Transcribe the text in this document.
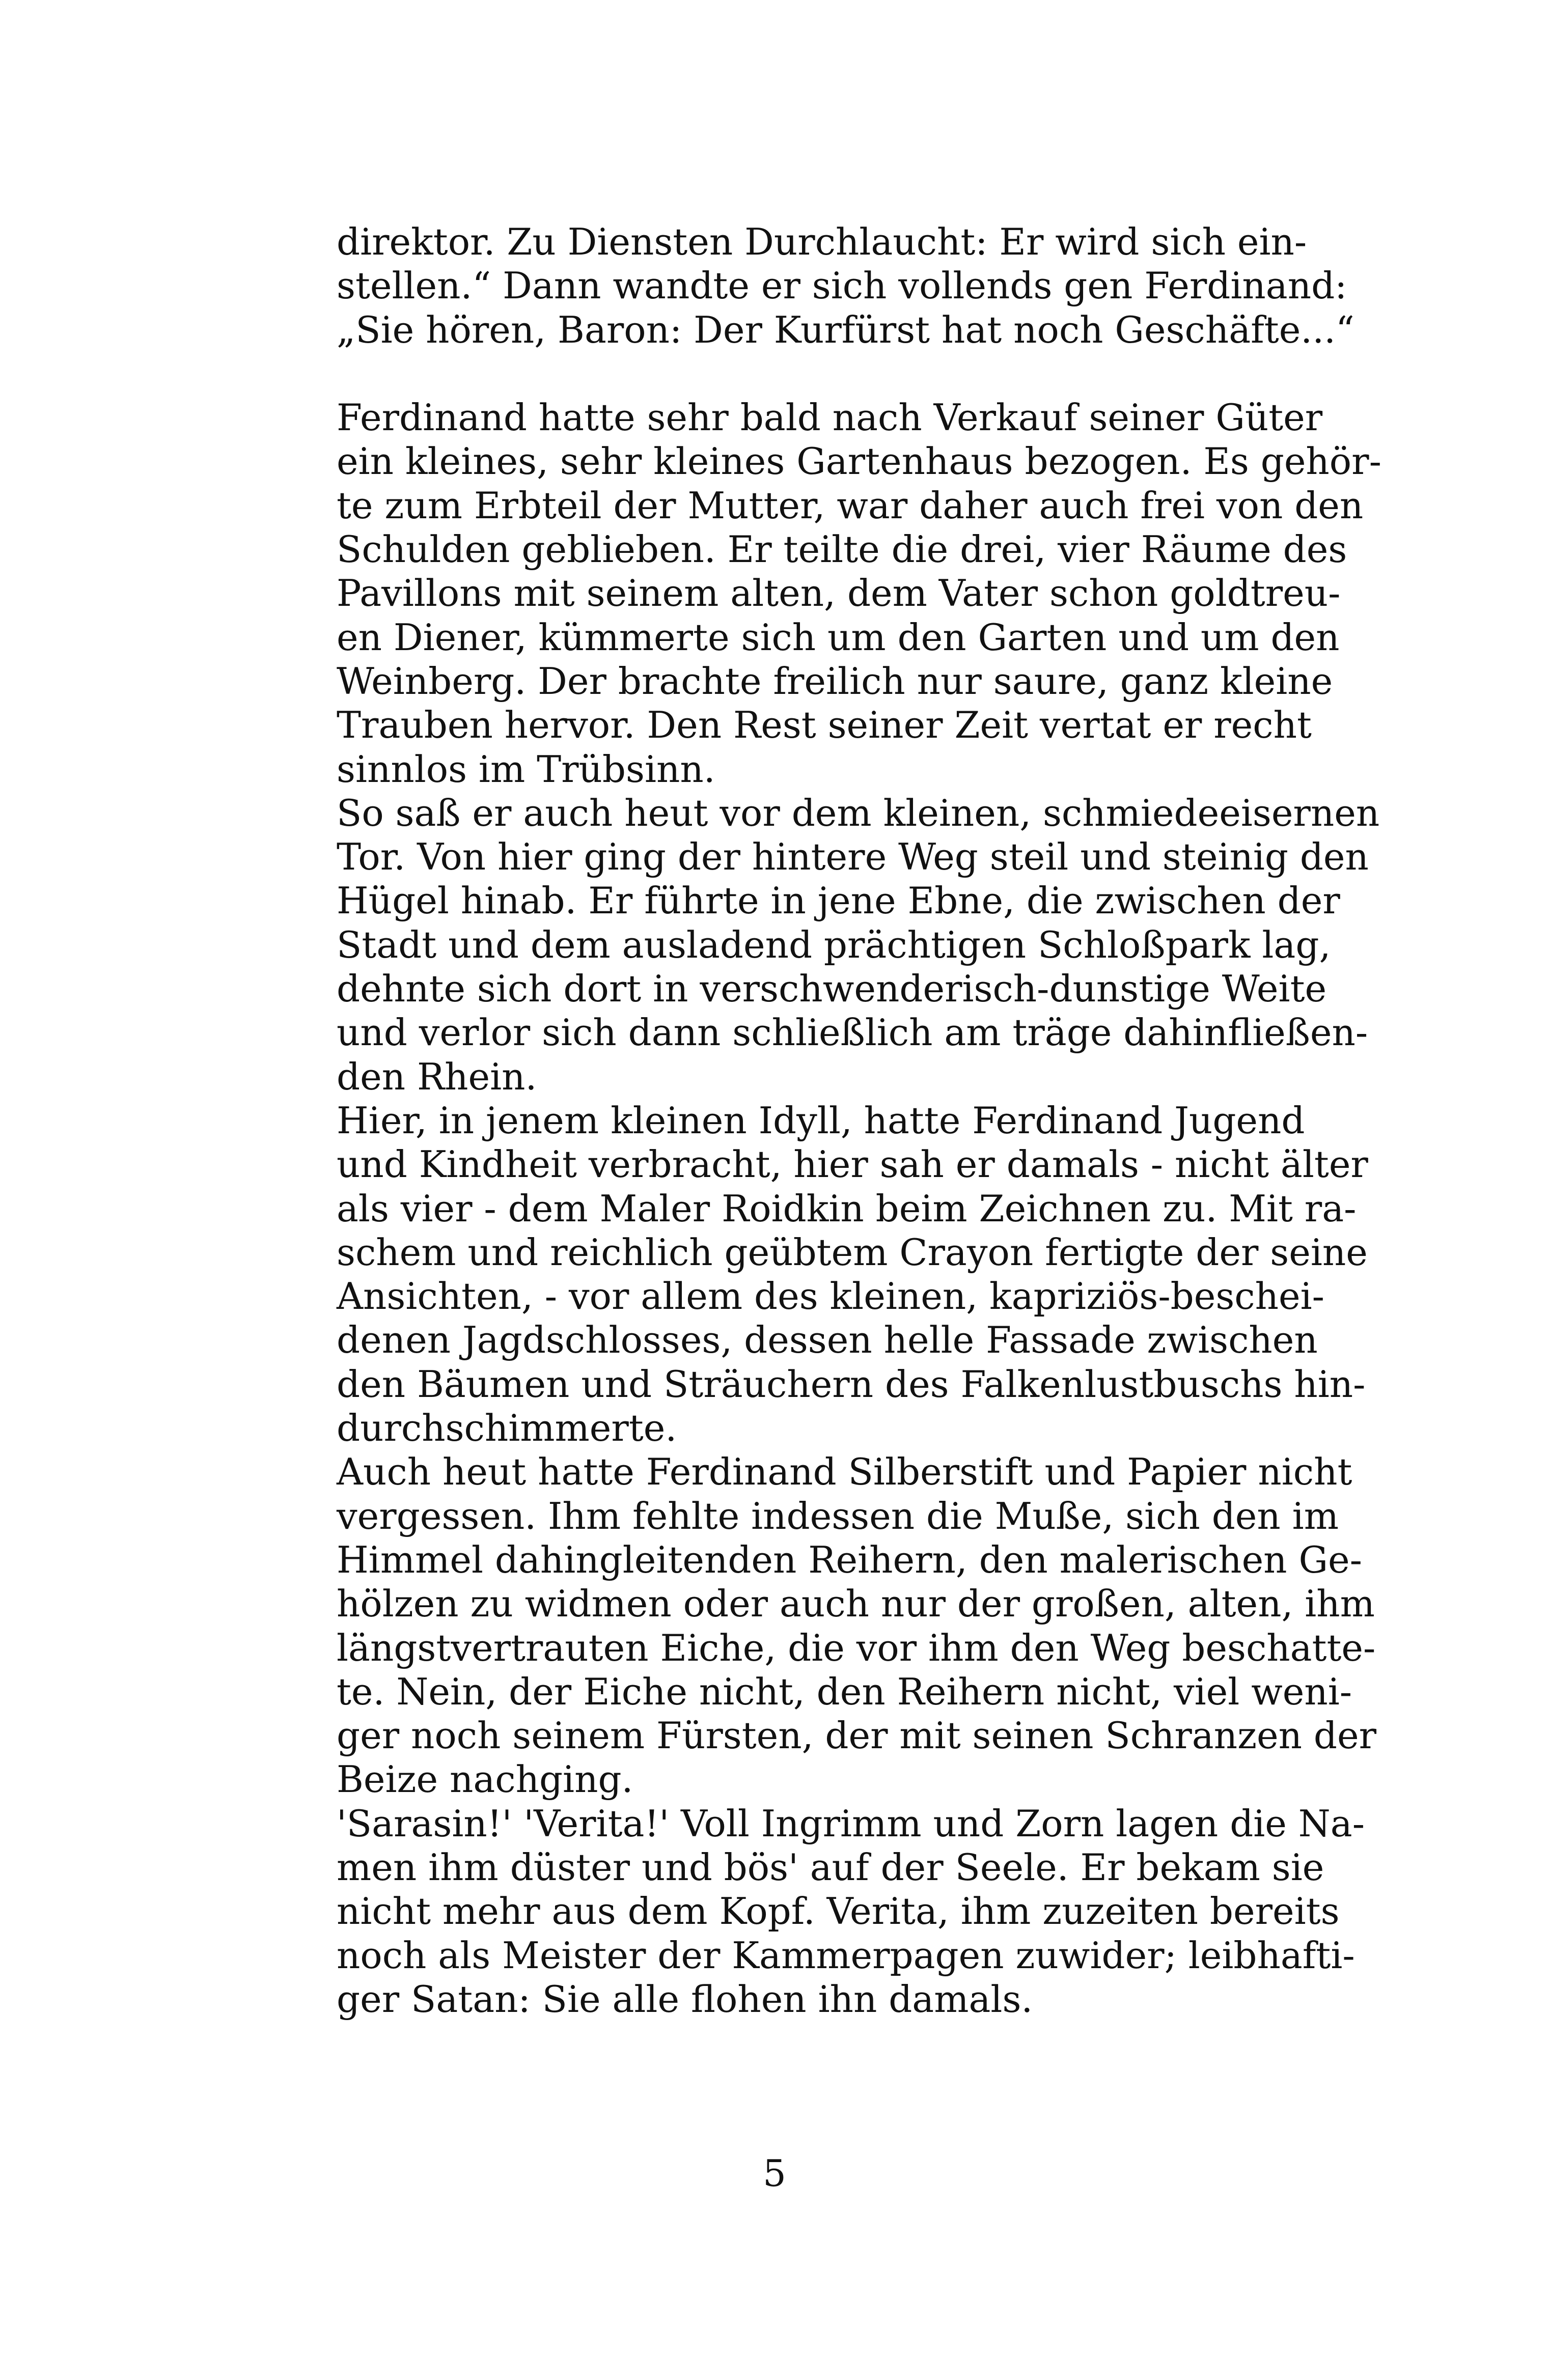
direktor. Zu Diensten Durchlaucht: Er wird sich ein-
stellen.“ Dann wandte er sich vollends gen Ferdinand:
„Sie hören, Baron: Der Kurfürst hat noch Geschäfte...“
Ferdinand hatte sehr bald nach Verkauf seiner Güter
ein kleines, sehr kleines Gartenhaus bezogen. Es gehör-
te zum Erbteil der Mutter, war daher auch frei von den
Schulden geblieben. Er teilte die drei, vier Räume des
Pavillons mit seinem alten, dem Vater schon goldtreu-
en Diener, kümmerte sich um den Garten und um den
Weinberg. Der brachte freilich nur saure, ganz kleine
Trauben hervor. Den Rest seiner Zeit vertat er recht
sinnlos im Trübsinn.
So saß er auch heut vor dem kleinen, schmiedeeisernen
Tor. Von hier ging der hintere Weg steil und steinig den
Hügel hinab. Er führte in jene Ebne, die zwischen der
Stadt und dem ausladend prächtigen Schloßpark lag,
dehnte sich dort in verschwenderisch-dunstige Weite
und verlor sich dann schließlich am träge dahinfließen-
den Rhein.
Hier, in jenem kleinen Idyll, hatte Ferdinand Jugend
und Kindheit verbracht, hier sah er damals - nicht älter
als vier - dem Maler Roidkin beim Zeichnen zu. Mit ra-
schem und reichlich geübtem Crayon fertigte der seine
Ansichten, - vor allem des kleinen, kapriziös-beschei-
denen Jagdschlosses, dessen helle Fassade zwischen
den Bäumen und Sträuchern des Falkenlustbuschs hin-
durchschimmerte.
Auch heut hatte Ferdinand Silberstift und Papier nicht
vergessen. Ihm fehlte indessen die Muße, sich den im
Himmel dahingleitenden Reihern, den malerischen Ge-
hölzen zu widmen oder auch nur der großen, alten, ihm
längstvertrauten Eiche, die vor ihm den Weg beschatte-
te. Nein, der Eiche nicht, den Reihern nicht, viel weni-
ger noch seinem Fürsten, der mit seinen Schranzen der
Beize nachging.
'Sarasin!' 'Verita!' Voll Ingrimm und Zorn lagen die Na-
men ihm düster und bös' auf der Seele. Er bekam sie
nicht mehr aus dem Kopf. Verita, ihm zuzeiten bereits
noch als Meister der Kammerpagen zuwider; leibhafti-
ger Satan: Sie alle flohen ihn damals.
5
